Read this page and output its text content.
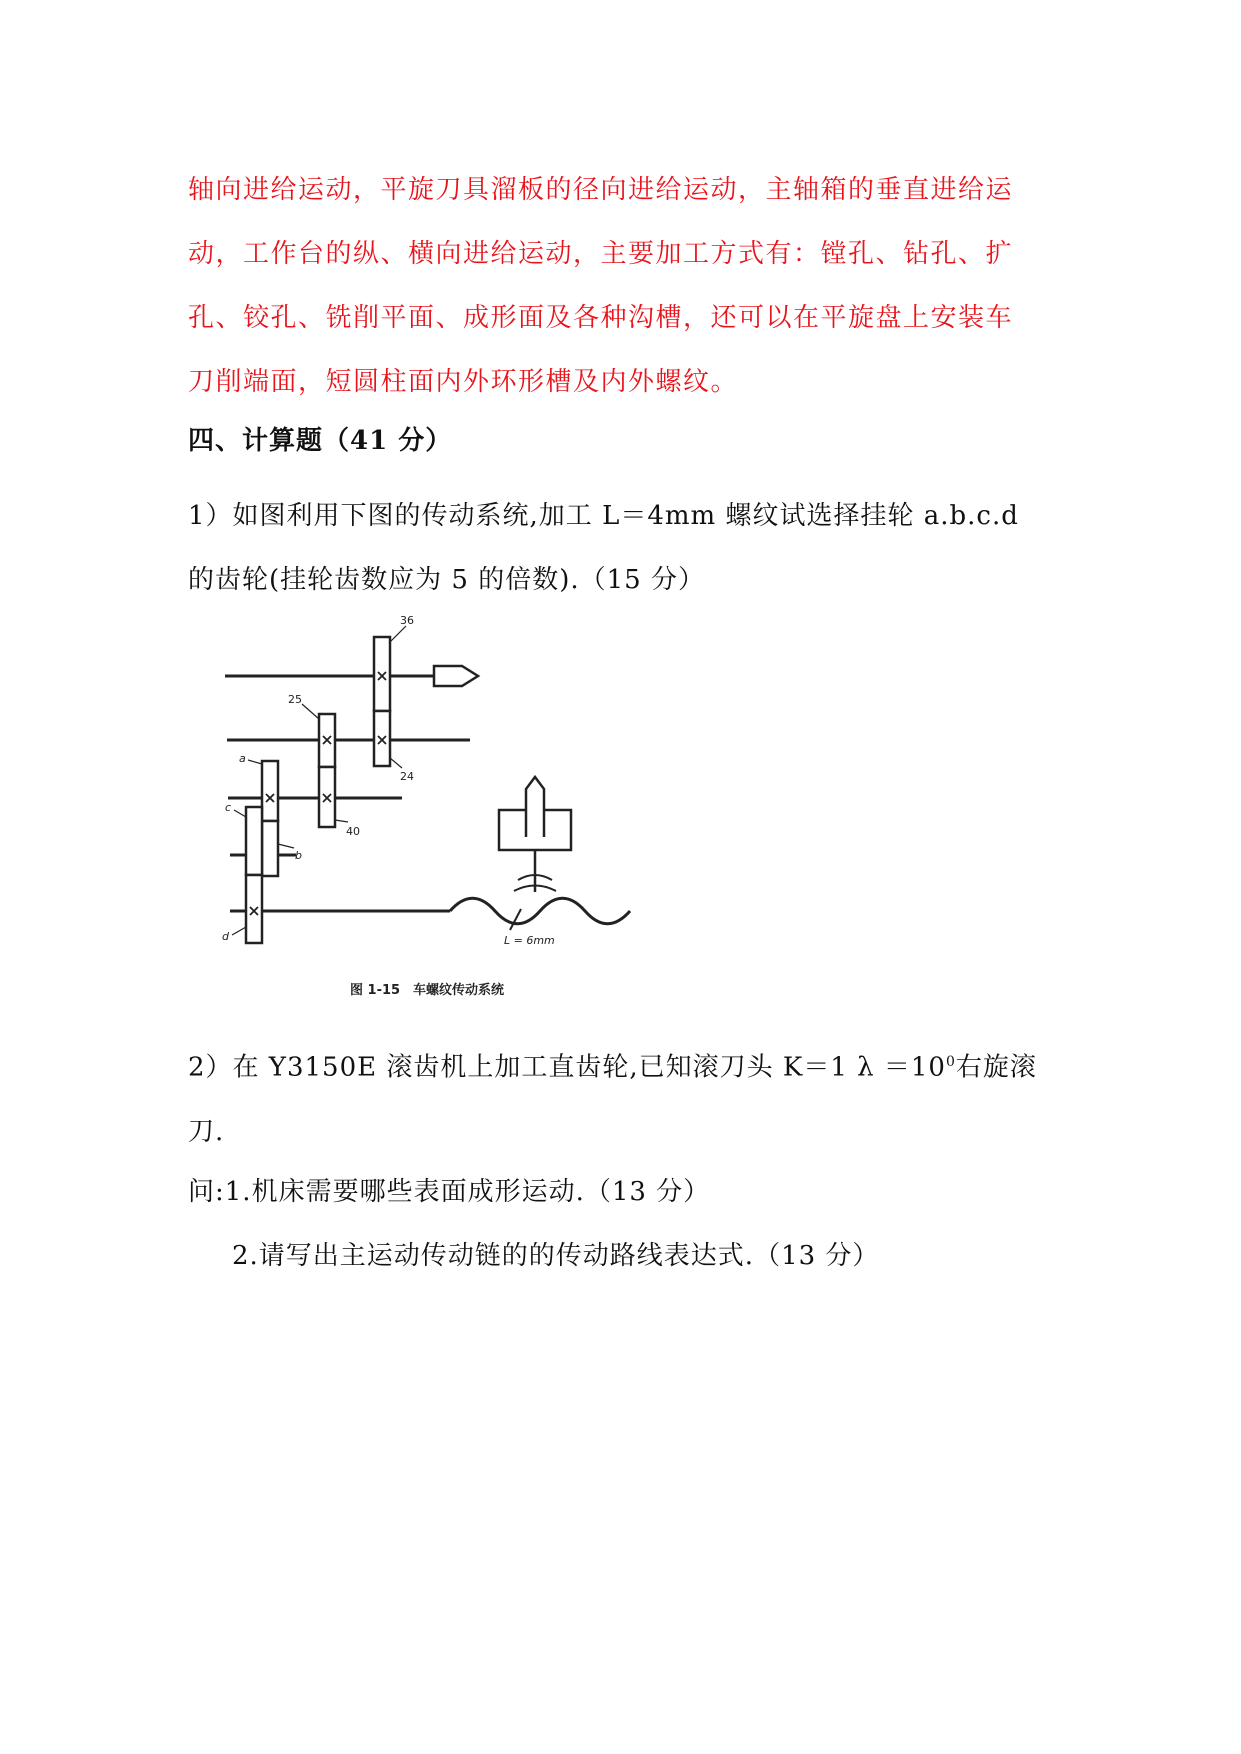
轴向进给运动，平旋刀具溜板的径向进给运动，主轴箱的垂直进给运
动，工作台的纵、横向进给运动，主要加工方式有：镗孔、钻孔、扩
孔、铰孔、铣削平面、成形面及各种沟槽，还可以在平旋盘上安装车
刀削端面，短圆柱面内外环形槽及内外螺纹。
四、计算题（41 分）
1）如图利用下图的传动系统,加工 L＝4mm 螺纹试选择挂轮 a.b.c.d
的齿轮(挂轮齿数应为 5 的倍数).（15 分）
36
25
24
40
a
b
c
d	L = 6mm
图 1-15　车螺纹传动系统
2）在 Y3150E 滚齿机上加工直齿轮,已知滚刀头 K＝1 $\lambda =10^0$右旋滚
刀.
问:1.机床需要哪些表面成形运动.（13 分）
2.请写出主运动传动链的的传动路线表达式.（13 分）
